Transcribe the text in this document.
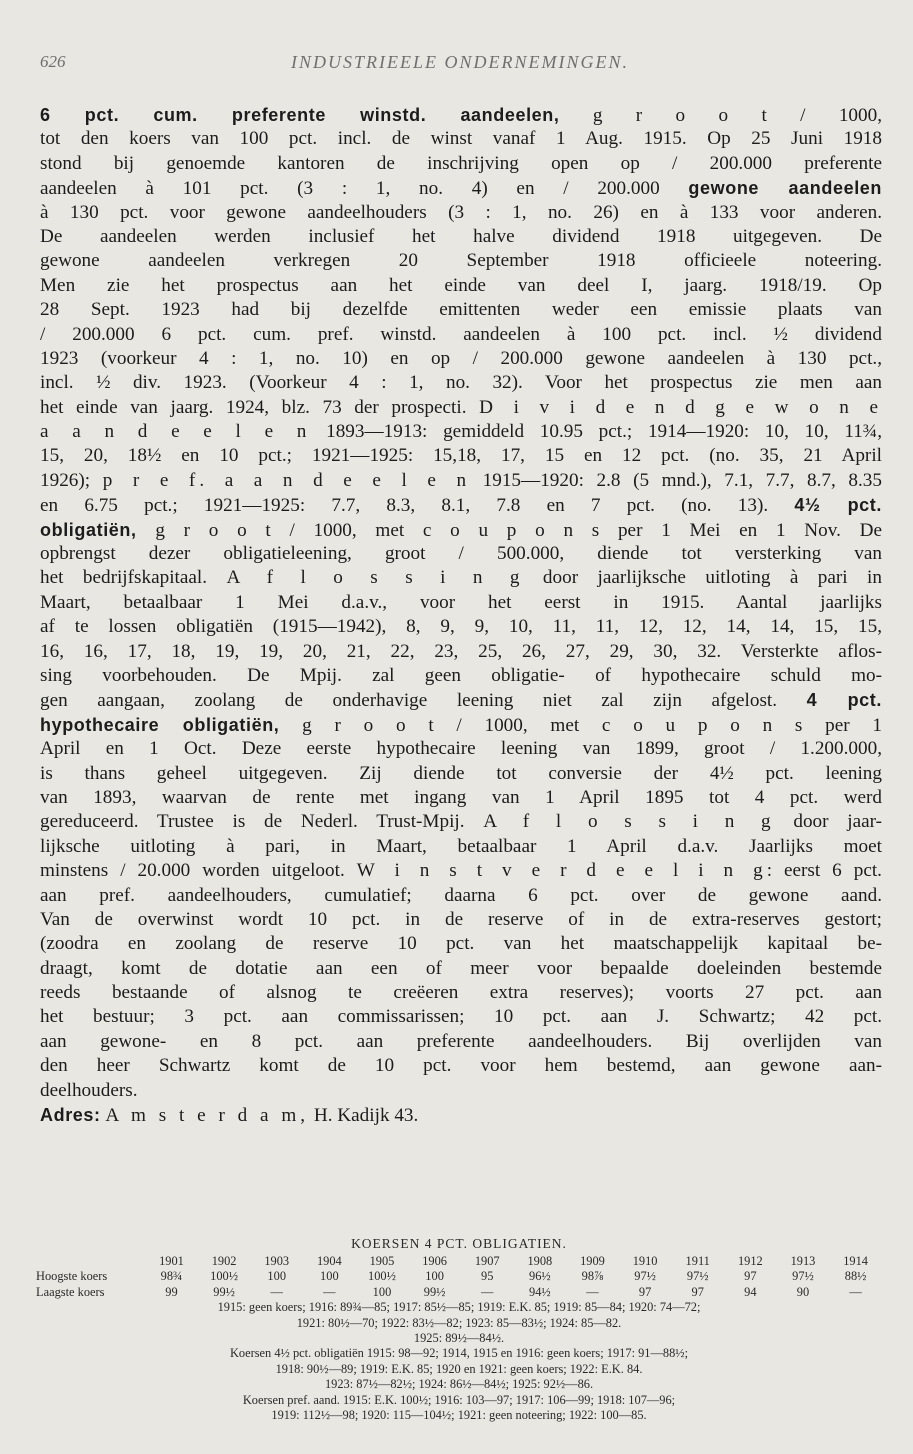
626	INDUSTRIEELE ONDERNEMINGEN.
6 pct. cum. preferente winstd. aandeelen, g r o o t / 1000,
tot den koers van 100 pct. incl. de winst vanaf 1 Aug. 1915. Op 25 Juni 1918
stond bij genoemde kantoren de inschrijving open op / 200.000 preferente
aandeelen à 101 pct. (3 : 1, no. 4) en / 200.000 gewone aandeelen
à 130 pct. voor gewone aandeelhouders (3 : 1, no. 26) en à 133 voor anderen.
De aandeelen werden inclusief het halve dividend 1918 uitgegeven. De
gewone aandeelen verkregen 20 September 1918 officieele noteering.
Men zie het prospectus aan het einde van deel I, jaarg. 1918/19. Op
28 Sept. 1923 had bij dezelfde emittenten weder een emissie plaats van
/ 200.000 6 pct. cum. pref. winstd. aandeelen à 100 pct. incl. ½ dividend
1923 (voorkeur 4 : 1, no. 10) en op / 200.000 gewone aandeelen à 130 pct.,
incl. ½ div. 1923. (Voorkeur 4 : 1, no. 32). Voor het prospectus zie men aan
het einde van jaarg. 1924, blz. 73 der prospecti. D i v i d e n d g e w o n e
a a n d e e l e n 1893—1913: gemiddeld 10.95 pct.; 1914—1920: 10, 10, 11¾,
15, 20, 18½ en 10 pct.; 1921—1925: 15,18, 17, 15 en 12 pct. (no. 35, 21 April
1926); p r e f. a a n d e e l e n 1915—1920: 2.8 (5 mnd.), 7.1, 7.7, 8.7, 8.35
en 6.75 pct.; 1921—1925: 7.7, 8.3, 8.1, 7.8 en 7 pct. (no. 13). 4½ pct.
obligatiën, g r o o t / 1000, met c o u p o n s per 1 Mei en 1 Nov. De
opbrengst dezer obligatieleening, groot / 500.000, diende tot versterking van
het bedrijfskapitaal. A f l o s s i n g door jaarlijksche uitloting à pari in
Maart, betaalbaar 1 Mei d.a.v., voor het eerst in 1915. Aantal jaarlijks
af te lossen obligatiën (1915—1942), 8, 9, 9, 10, 11, 11, 12, 12, 14, 14, 15, 15,
16, 16, 17, 18, 19, 19, 20, 21, 22, 23, 25, 26, 27, 29, 30, 32. Versterkte aflos-
sing voorbehouden. De Mpij. zal geen obligatie- of hypothecaire schuld mo-
gen aangaan, zoolang de onderhavige leening niet zal zijn afgelost. 4 pct.
hypothecaire obligatiën, g r o o t / 1000, met c o u p o n s per 1
April en 1 Oct. Deze eerste hypothecaire leening van 1899, groot / 1.200.000,
is thans geheel uitgegeven. Zij diende tot conversie der 4½ pct. leening
van 1893, waarvan de rente met ingang van 1 April 1895 tot 4 pct. werd
gereduceerd. Trustee is de Nederl. Trust-Mpij. A f l o s s i n g door jaar-
lijksche uitloting à pari, in Maart, betaalbaar 1 April d.a.v. Jaarlijks moet
minstens / 20.000 worden uitgeloot. W i n s t v e r d e e l i n g: eerst 6 pct.
aan pref. aandeelhouders, cumulatief; daarna 6 pct. over de gewone aand.
Van de overwinst wordt 10 pct. in de reserve of in de extra-reserves gestort;
(zoodra en zoolang de reserve 10 pct. van het maatschappelijk kapitaal be-
draagt, komt de dotatie aan een of meer voor bepaalde doeleinden bestemde
reeds bestaande of alsnog te creëeren extra reserves); voorts 27 pct. aan
het bestuur; 3 pct. aan commissarissen; 10 pct. aan J. Schwartz; 42 pct.
aan gewone- en 8 pct. aan preferente aandeelhouders. Bij overlijden van
den heer Schwartz komt de 10 pct. voor hem bestemd, aan gewone aan-
deelhouders.
Adres: A m s t e r d a m, H. Kadijk 43.
KOERSEN 4 PCT. OBLIGATIEN.
1901	1902	1903	1904	1905	1906	1907	1908	1909	1910	1911	1912	1913	1914
Hoogste koers	98¾	100½	100	100	100½	100	95	96½	98⅞	97½	97½	97	97½	88½
Laagste koers	99	99½	—	—	100	99½	—	94½	—	97	97	94	90	—
1915: geen koers; 1916: 89¾—85; 1917: 85½—85; 1919: E.K. 85; 1919: 85—84; 1920: 74—72;
1921: 80½—70; 1922: 83½—82; 1923: 85—83½; 1924: 85—82.
1925: 89½—84½.
Koersen 4½ pct. obligatiën 1915: 98—92; 1914, 1915 en 1916: geen koers; 1917: 91—88½;
1918: 90½—89; 1919: E.K. 85; 1920 en 1921: geen koers; 1922: E.K. 84.
1923: 87½—82½; 1924: 86½—84½; 1925: 92½—86.
Koersen pref. aand. 1915: E.K. 100½; 1916: 103—97; 1917: 106—99; 1918: 107—96;
1919: 112½—98; 1920: 115—104½; 1921: geen noteering; 1922: 100—85.
